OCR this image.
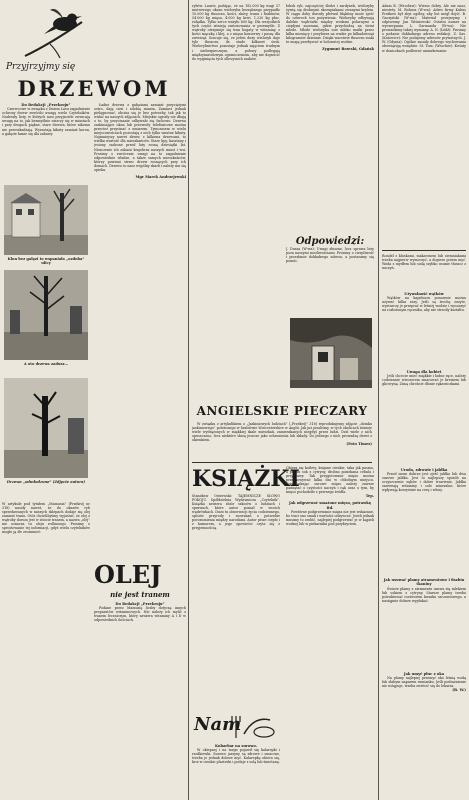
Przyjrzyjmy się

DRZEWOM

Do Redakcji „Przekroju”

Czerwcowe w związku z Dniem Lasu zagadnienie ochrony drzew zwróciło uwagę wielu Czytelników. Nadeszły listy, w których nasi przyjaciele zwracają uwagę na to, jak bezmyślnie niszczy się w miastach i przy drogach piękne, stare drzewa, które nikomu nie przeszkadzają. Wyrastają kikuty zamiast koron, a gałęzie łamie się dla zabawy.

Klon bez gałęzi to wspaniała „ozdoba” ulicy

A oto drzewa zadusz…

Drzewo „odmłodzone” (Zdjęcie autora)

Ładne drzewa z gałęziami zamiast przyciętymi ostro, dają cień i zdobią miasta. Zamiast jednak pielęgnować, obcina się je bez potrzeby, tak jak to widać na naszych zdjęciach. Miejskie ogrody nie dbają o to, by przycinanie odbywało się fachowo. Drzewa zasłaniające okna lub przewody telefoniczne można przecież przycinać z umiarem. Tymczasem w wielu miejscowościach pozostają z nich tylko smutne kikuty. Najmniejszy nawet skwer, z kilkoma drzewami, to wielka wartość dla mieszkańców. Stare lipy, kasztany i jesiony sadzone przed laty rosną dziesiątki lat. Niszczenie ich zubaża krajobraz naszych miast i wsi. Prosimy o zwrócenie uwagi na to zagadnienie odpowiednie władze, a także samych mieszkańców, którzy powinni strzec drzew rosnących przy ich domach. Drzewo to nasz wspólny skarb i należy mu się opieka.

Mgr Marek Andrzejewski

OLEJ

nie jest tranem

W artykule pod tytułem „Mamusia” (Przekrój nr 318) naszły nawet, że do okazów ryb sprzedawanych w naszych sklepach dodaje się olej zamiast tranu. Otóż chcielibyśmy wyjaśnić, że olej z wątroby dorsza jest w istocie tranem, a nazwa „olej” nie oznacza tu oleju roślinnego. Prosimy o sprostowanie tej informacji, gdyż wielu czytelników mogło ją źle zrozumieć.

Do Redakcji „Przekroju”

Podane przez Mamusię liczby dotyczą innych preparatów witaminowych. Nie należy ich mylić z tranem leczniczym, który zawiera witaminy A i D w odpowiednich ilościach.

rybów. Laurie, podając, że na 182.000 kg wagi 37 mutrowego okazu wieloryba bezzębnego przypadło 10.000 kg tłuszczu, kości, skóry, tranu i fiszbinów, 54.000 kg mięsa, 4.000 kg krwi, 1.220 kg płuc, żołądka. Tylko serce ważyło 600 kg. Dla wszystkich tych części istnieją zastosowania w przemyśle. Z wątroby otrzymuje się tran bogaty w witaminy, z kości mączkę i klej, a z mięsa konserwy i paszę dla zwierząt. Szacuje się, że jeden duży wieloryb daje tyle tłuszczu, ile stado kilkuset świń. Wielorybnictwo pozostaje jednak zajęciem trudnym i niebezpiecznym, a połowy podlegają międzynarodowym ograniczeniom, aby nie dopuścić do wyginięcia tych olbrzymich ssaków.

łobok ryb, najczęściej śledzi i sardynek, wieloryby żywią się drobnymi skorupiakami zwanymi krylem. W ciągu doby dorosły płetwal błękitny może zjeść do czterech ton pożywienia. Wieloryby odbywają dalekie wędrówki między wodami polarnymi a ciepłymi morzami, gdzie przychodzą na świat młode. Młode wieloryba ssie mleko matki przez kilka miesięcy i przybiera na wadze po kilkadziesiąt kilogramów dziennie. Dzięki warstwie tłuszczu ssaki te mogą przebywać w lodowatej wodzie.

Zygmunt Brzeski, Gdańsk

Odpowiedzi:

J. Dusza (W-wa): Uwagi słuszne, lecz sprawa leży poza naszymi możliwościami. Prosimy o cierpliwość i przesłanie dokładnego adresu, a postaramy się pomóc.

ANGIELSKIE PIECZARY

W związku z artykułikiem o „Jaskiniowych ludziach” („Przekrój” 318) reprodukujemy zdjęcie „domku jaskiniowego” położonego w hrabstwie Worcestershire w Anglii. Jak już pisaliśmy, w tych okolicach istnieje wiele wydrążonych w miękkiej skale mieszkań, zamieszkanych niegdyś przez ludzi. Dziś wiele z nich opuszczono, lecz niektóre służą jeszcze jako schronienia lub składy. Do jednego z nich prowadzą drzwi z okienkiem.

(Foto Times)

KSIĄŻKI

Stanisław Ostrowski: TAJEMNICZE SŁOWO POKOJU. Spółdzielnia Wydawnicza „Czytelnik”. Książka zawiera zbiór szkiców o ludziach i sprawach, które autor poznał w swoich wędrówkach. Dużo tu obserwacji życia codziennego, opisów przyrody i rozważań o potrzebie porozumienia między narodami. Autor pisze ciepło i z humorem, a jego opowieści czyta się z przyjemnością.

Obiera się kotlety, krajane cienkie, taka jak pasmo, a potem sok z cytryny, drobno posiekana cebula i przyprawy. Tak przygotowane mięso można przechowywać kilka dni w chłodnym miejscu. Przyrządzając surowe mięso należy zawsze pamiętać o czystości naczyń i rąk oraz o tym, by mięso pochodziło z pewnego źródła.

Tep.

Jak odgrzewać smażone mięso, potrawkę itd.

Powtórne podgrzewanie mięsa nie jest wskazane, bo traci ono smak i wartości odżywcze. Jeżeli jednak musimy to zrobić, najlepiej podgrzewać je w kąpieli wodnej lub w piekarniku pod przykryciem.

Nam

Kobarbar na surowo.

W okiepnej i na targu pojawił się kalarepki i rzodkiewki. Surowe jarzyny są zdrowe i smaczne, trzeba je jednak dobrze myć. Kalarepkę obiera się, kroi w cienkie plasterki i podaje z solą lub śmietaną.

Adam B. (Wrocław): Wiersz dobry. Ale nie nasz, niestety. M. Bohusz (W-wa): Adres firmy Kubus Prutkow był zbyt ogólny, aby list mógł dojść. B. Gaczyński (W-wa): Materiał przejrzymy i odpiszemy. Jan Wiśniewski: Ostatni numer na wyczerpaniu. L. Garmanda (W-wa): Nie prowadzimy takiej wymiany. A. N. (Łódź): Prosimy o podanie dokładnego adresu redakcji. Z. Sas. (Katowice): Nie podajemy adresów prywatnych. J. W. (Gdynia): Ogólne zasady dobrego wychowania obowiązują wszędzie. St. Tom. (Wrocław): Kwiaty w doniczkach podlewać umiarkowanie.

Rondel z kluskami, makaronem lub ziemniakami trzeba najpierw wymoczyć, a dopiero potem myć. Woda z mydłem lub sodą szybko usunie tłuszcz z naczyń.

Używalność wątków

Wątków na kapeluszu ponownie można używać kilka razy. Jeśli są trochę zużyte, wystarczy je przeprać w letniej wodzie i wysuszyć na rozłożonym ręczniku, aby nie straciły kształtu.

Uwaga dla kobiet

Jeśli chcecie mieć miękkie i ładne ręce, należy codziennie wieczorem smarować je kremem lub gliceryną. Zimą chrońcie dłonie rękawiczkami.

Uroda, zdrowie i jabłka

Przed snem dobrze jest zjeść jabłko lub dwa surowe jabłka. Jest to najlepszy sposób na oczyszczenie zębów i dobre trawienie. Jabłka zawierają witaminy i sole mineralne, które wpływają korzystnie na cerę i włosy.

Jak usuwać plamy atramentowe i fiszbin tkaniny

Świeże plamy z atramentu usuwa się mlekiem lub sokiem z cytryny. Starsze plamy trzeba potraktować roztworem kwasku szczawiowego, a następnie dobrze wypłukać.

Jak umyć płuc z oka

Na plamy najlepiej przemyć oko letnią wodą lub słabym naparem rumianku. Jeśli podrażnienie nie ustępuje, trzeba zwrócić się do lekarza.

(B. W.)
